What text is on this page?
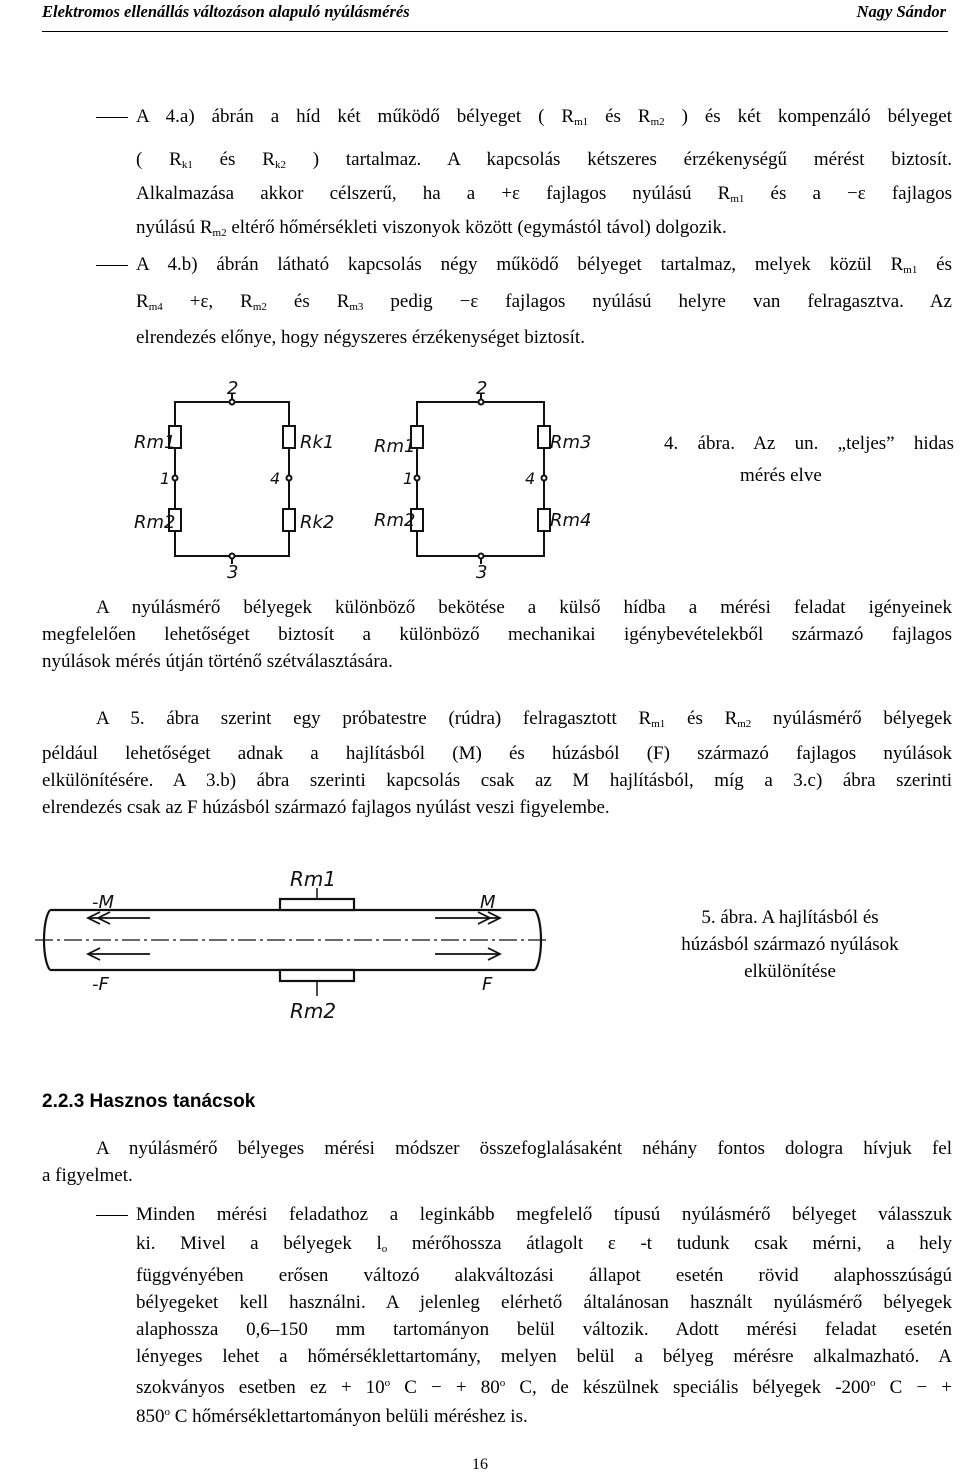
Elektromos ellenállás változáson alapuló nyúlásmérés	Nagy Sándor
A 4.a) ábrán a híd két működő bélyeget ( $R_{m1}$ és $R_{m2}$ ) és két kompenzáló bélyeget
( $R_{k1}$ és $R_{k2}$ ) tartalmaz. A kapcsolás kétszeres érzékenységű mérést biztosít.
Alkalmazása akkor célszerű, ha a +ε fajlagos nyúlású $R_{m1}$ és a −ε fajlagos
nyúlású $R_{m2}$ eltérő hőmérsékleti viszonyok között (egymástól távol) dolgozik.
A 4.b) ábrán látható kapcsolás négy működő bélyeget tartalmaz, melyek közül $R_{m1}$ és
$R_{m4} +\varepsilon$, $R_{m2}$ és $R_{m3}$ pedig −ε fajlagos nyúlású helyre van felragasztva. Az
elrendezés előnye, hogy négyszeres érzékenységet biztosít.
2
3
1	4
Rm1	Rk1
Rm2	Rk2
2
3
1	4
Rm1	Rm3
Rm2	Rm4
4. ábra. Az un. „teljes” hidas
mérés elve
A nyúlásmérő bélyegek különböző bekötése a külső hídba a mérési feladat igényeinek
megfelelően lehetőséget biztosít a különböző mechanikai igénybevételekből származó fajlagos
nyúlások mérés útján történő szétválasztására.
A 5. ábra szerint egy próbatestre (rúdra) felragasztott $R_{m1}$ és $R_{m2}$ nyúlásmérő bélyegek
például lehetőséget adnak a hajlításból (M) és húzásból (F) származó fajlagos nyúlások
elkülönítésére. A 3.b) ábra szerinti kapcsolás csak az M hajlításból, míg a 3.c) ábra szerinti
elrendezés csak az F húzásból származó fajlagos nyúlást veszi figyelembe.
Rm1
Rm2
-M
-F
M
F
5. ábra. A hajlításból és
húzásból származó nyúlások
elkülönítése
2.2.3 Hasznos tanácsok
A nyúlásmérő bélyeges mérési módszer összefoglalásaként néhány fontos dologra hívjuk fel
a figyelmet.
Minden mérési feladathoz a leginkább megfelelő típusú nyúlásmérő bélyeget válasszuk
ki. Mivel a bélyegek $l_o$ mérőhossza átlagolt ε -t tudunk csak mérni, a hely
függvényében erősen változó alakváltozási állapot esetén rövid alaphosszúságú
bélyegeket kell használni. A jelenleg elérhető általánosan használt nyúlásmérő bélyegek
alaphossza 0,6–150 mm tartományon belül változik. Adott mérési feladat esetén
lényeges lehet a hőmérséklettartomány, melyen belül a bélyeg mérésre alkalmazható. A
szokványos esetben ez + $10^o$ C − + $80^o$ C, de készülnek speciális bélyegek -200$^o$ C − +
$850^o$ C hőmérséklettartományon belüli méréshez is.
16
